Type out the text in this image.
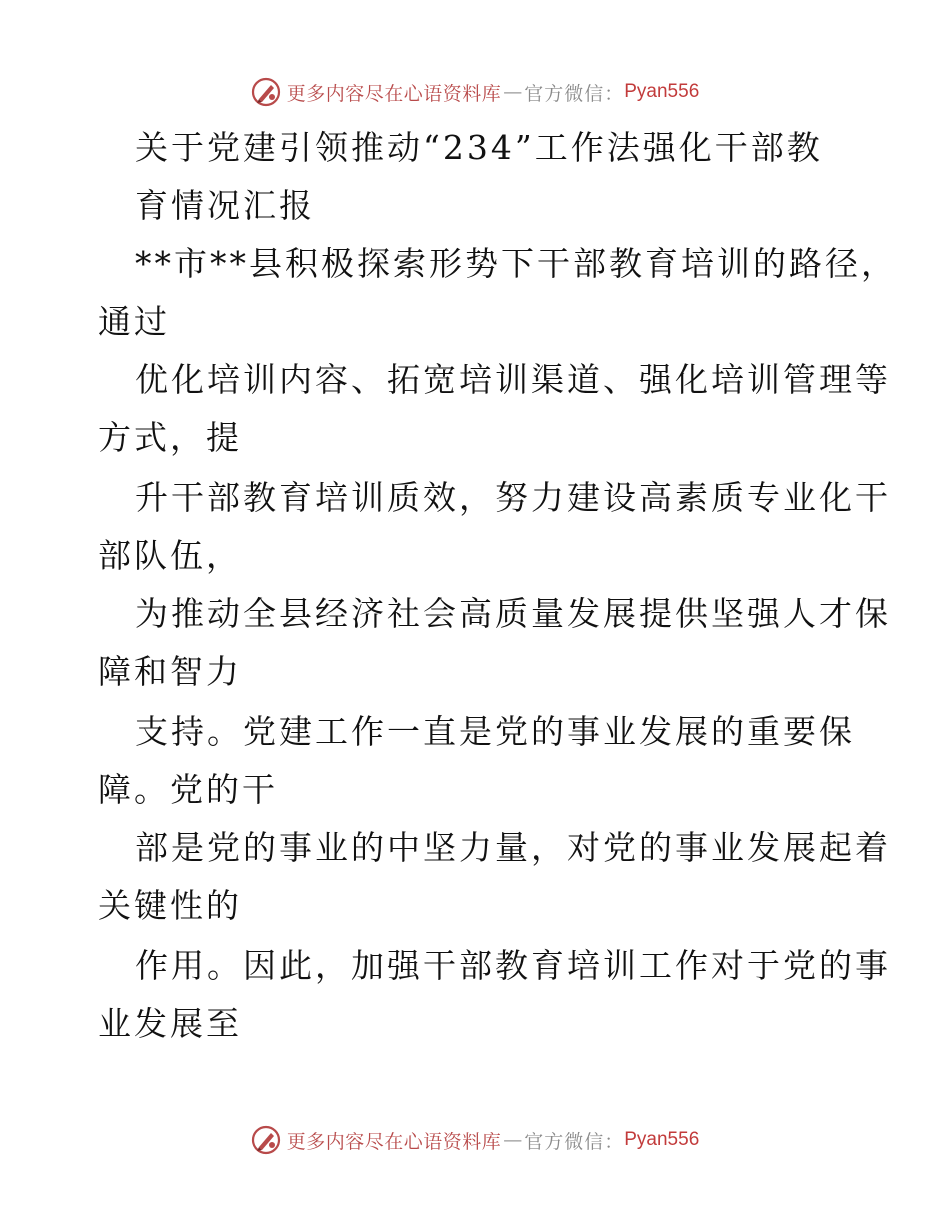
更多内容尽在心语资料库 — 官方微信： Pyan556
关于党建引领推动“234”工作法强化干部教
育情况汇报
**市**县积极探索形势下干部教育培训的路径，
通过
优化培训内容、拓宽培训渠道、强化培训管理等
方式，提
升干部教育培训质效，努力建设高素质专业化干
部队伍，
为推动全县经济社会高质量发展提供坚强人才保
障和智力
支持。党建工作一直是党的事业发展的重要保
障。党的干
部是党的事业的中坚力量，对党的事业发展起着
关键性的
作用。因此，加强干部教育培训工作对于党的事
业发展至
更多内容尽在心语资料库 — 官方微信： Pyan556
